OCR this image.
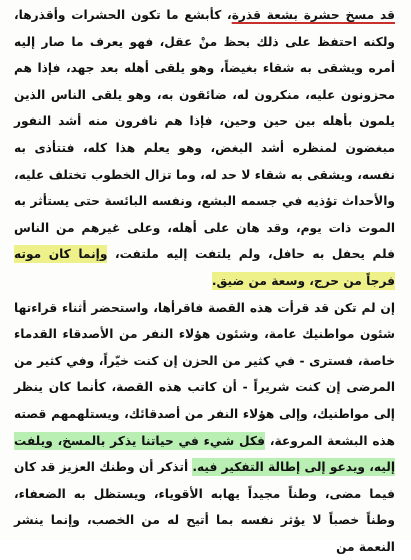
قد مسخ حشرة بشعة قذرة، كأبشع ما تكون الحشرات وأقذرها، ولكنه احتفظ على ذلك بحظ منْ عقل، فهو يعرف ما صار إليه أمره ويشقى به شقاء بغيضاً، وهو يلقى أهله بعد جهد، فإذا هم محزونون عليه، منكرون له، ضائقون به، وهو يلقى الناس الذين يلمون بأهله بين حين وحين، فإذا هم نافرون منه أشد النفور مبغضون لمنظره أشد البغض، وهو يعلم هذا كله، فتتأذى به نفسه، ويشقى به شقاء لا حد له، وما تزال الخطوب تختلف عليه، والأحداث تؤذيه في جسمه البشع، ونفسه البائسة حتى يستأثر به الموت ذات يوم، وقد هان على أهله، وعلى غيرهم من الناس فلم يحفل به حافل، ولم يلتفت إليه ملتفت، وإنما كان موته فرجاً من حرج، وسعة من ضيق.

إن لم تكن قد قرأت هذه القصة فاقرأها، واستحضر أثناء قراءتها شئون مواطنيك عامة، وشئون هؤلاء النفر من الأصدقاء القدماء خاصة، فسترى - في كثير من الحزن إن كنت خيّراً، وفي كثير من المرضى إن كنت شريراً - أن كاتب هذه القصة، كأنما كان ينظر إلى مواطنيك، وإلى هؤلاء النفر من أصدقائك، ويستلهمهم قصته هذه البشعة المروعة، فكل شيء في حياتنا يذكر بالمسخ، ويلفت إليه، ويدعو إلى إطالة التفكير فيه. أتذكر أن وطنك العزيز قد كان فيما مضى، وطناً مجيداً يهابه الأقوياء، ويستظل به الضعفاء، وطناً خصباً لا يؤثر نفسه بما أتيح له من الخصب، وإنما ينشر النعمة من
